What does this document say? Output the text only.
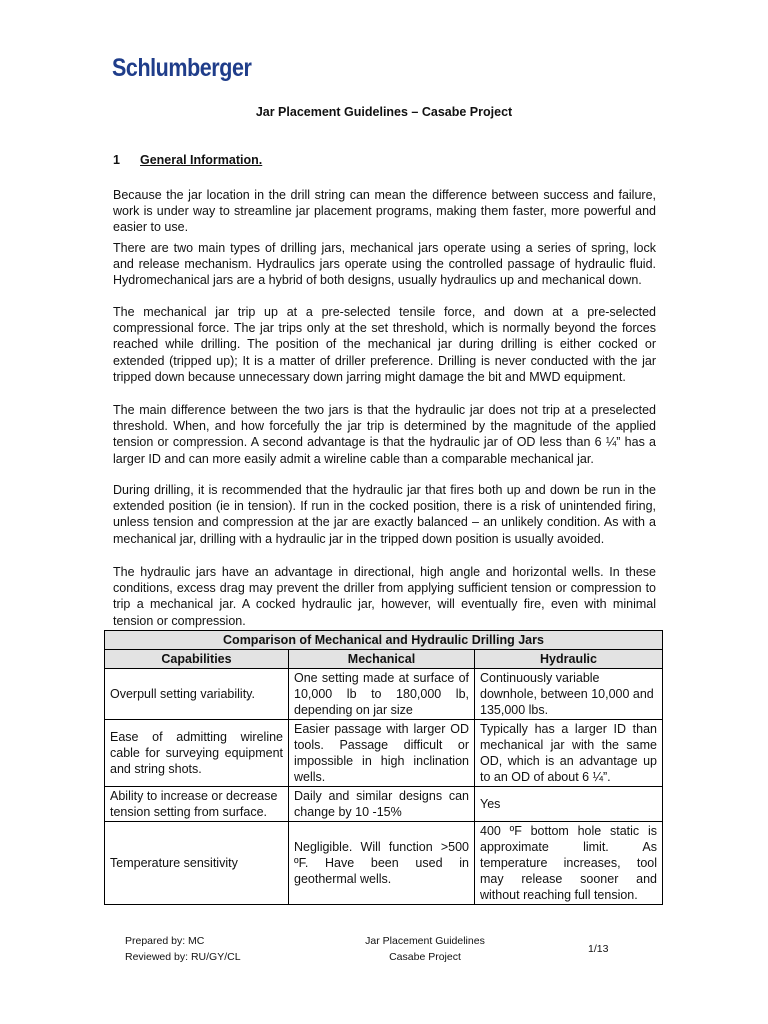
Schlumberger
Jar Placement Guidelines – Casabe Project
1 General Information.

Because the jar location in the drill string can mean the difference between success and failure, work is under way to streamline jar placement programs, making them faster, more powerful and easier to use.

There are two main types of drilling jars, mechanical jars operate using a series of spring, lock and release mechanism. Hydraulics jars operate using the controlled passage of hydraulic fluid. Hydromechanical jars are a hybrid of both designs, usually hydraulics up and mechanical down.

The mechanical jar trip up at a pre-selected tensile force, and down at a pre-selected compressional force. The jar trips only at the set threshold, which is normally beyond the forces reached while drilling. The position of the mechanical jar during drilling is either cocked or extended (tripped up); It is a matter of driller preference. Drilling is never conducted with the jar tripped down because unnecessary down jarring might damage the bit and MWD equipment.

The main difference between the two jars is that the hydraulic jar does not trip at a preselected threshold. When, and how forcefully the jar trip is determined by the magnitude of the applied tension or compression. A second advantage is that the hydraulic jar of OD less than 6 ¼” has a larger ID and can more easily admit a wireline cable than a comparable mechanical jar.

During drilling, it is recommended that the hydraulic jar that fires both up and down be run in the extended position (ie in tension). If run in the cocked position, there is a risk of unintended firing, unless tension and compression at the jar are exactly balanced – an unlikely condition. As with a mechanical jar, drilling with a hydraulic jar in the tripped down position is usually avoided.

The hydraulic jars have an advantage in directional, high angle and horizontal wells. In these conditions, excess drag may prevent the driller from applying sufficient tension or compression to trip a mechanical jar. A cocked hydraulic jar, however, will eventually fire, even with minimal tension or compression.

Comparison of Mechanical and Hydraulic Drilling Jars		
Capabilities	Mechanical	Hydraulic
Overpull setting variability.	One setting made at surface of 10,000 lb to 180,000 lb, depending on jar size	Continuously variable downhole, between 10,000 and 135,000 lbs.
Ease of admitting wireline cable for surveying equipment and string shots.	Easier passage with larger OD tools. Passage difficult or impossible in high inclination wells.	Typically has a larger ID than mechanical jar with the same OD, which is an advantage up to an OD of about 6 ¼”.
Ability to increase or decrease tension setting from surface.	Daily and similar designs can change by 10 -15%	Yes
Temperature sensitivity	Negligible. Will function >500 ºF. Have been used in geothermal wells.	400 ºF bottom hole static is approximate limit. As temperature increases, tool may release sooner and without reaching full tension.
Prepared by: MC
Reviewed by: RU/GY/CL
Jar Placement Guidelines
Casabe Project
1/13
